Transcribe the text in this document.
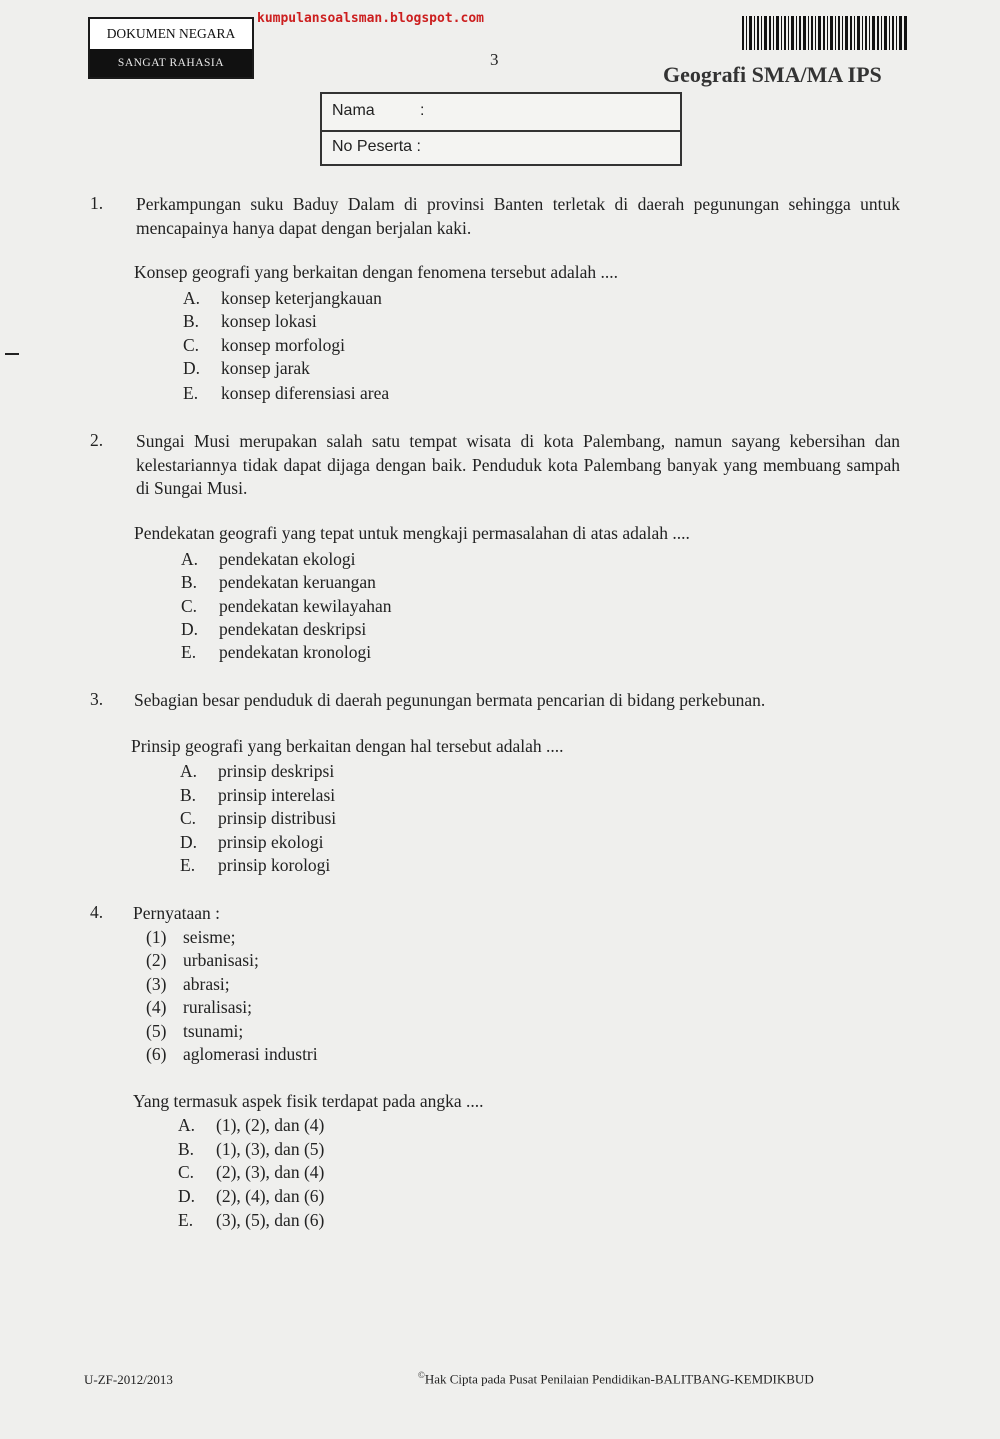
DOKUMEN NEGARA
SANGAT RAHASIA
kumpulansoalsman.blogspot.com
3
Geografi SMA/MA IPS
Nama	:
No Peserta :
1. Perkampungan suku Baduy Dalam di provinsi Banten terletak di daerah pegunungan sehingga untuk mencapainya hanya dapat dengan berjalan kaki.
Konsep geografi yang berkaitan dengan fenomena tersebut adalah ....
A. konsep keterjangkauan
B. konsep lokasi
C. konsep morfologi
D. konsep jarak
E. konsep diferensiasi area
2. Sungai Musi merupakan salah satu tempat wisata di kota Palembang, namun sayang kebersihan dan kelestariannya tidak dapat dijaga dengan baik. Penduduk kota Palembang banyak yang membuang sampah di Sungai Musi.
Pendekatan geografi yang tepat untuk mengkaji permasalahan di atas adalah ....
A. pendekatan ekologi
B. pendekatan keruangan
C. pendekatan kewilayahan
D. pendekatan deskripsi
E. pendekatan kronologi
3. Sebagian besar penduduk di daerah pegunungan bermata pencarian di bidang perkebunan.
Prinsip geografi yang berkaitan dengan hal tersebut adalah ....
A. prinsip deskripsi
B. prinsip interelasi
C. prinsip distribusi
D. prinsip ekologi
E. prinsip korologi
4. Pernyataan :
(1) seisme;
(2) urbanisasi;
(3) abrasi;
(4) ruralisasi;
(5) tsunami;
(6) aglomerasi industri
Yang termasuk aspek fisik terdapat pada angka ....
A. (1), (2), dan (4)
B. (1), (3), dan (5)
C. (2), (3), dan (4)
D. (2), (4), dan (6)
E. (3), (5), dan (6)
U-ZF-2012/2013	©Hak Cipta pada Pusat Penilaian Pendidikan-BALITBANG-KEMDIKBUD
